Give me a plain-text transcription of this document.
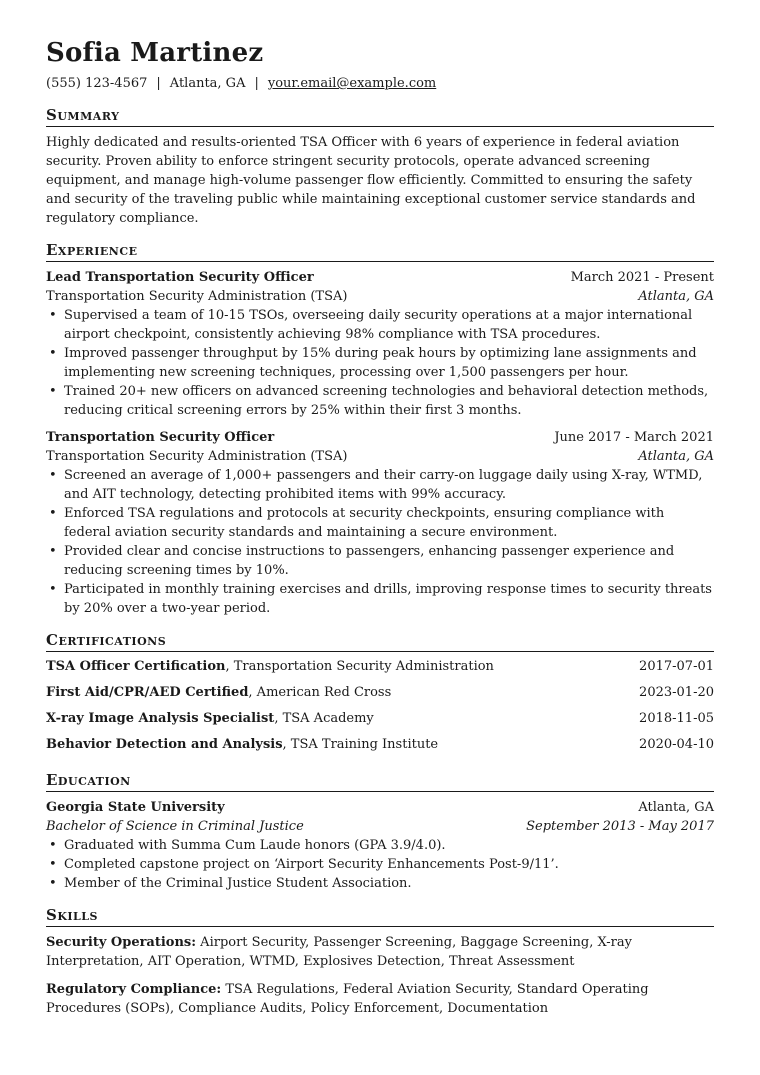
Sofia Martinez
(555) 123-4567 | Atlanta, GA | your.email@example.com
Summary

Highly dedicated and results-oriented TSA Officer with 6 years of experience in federal aviation security. Proven ability to enforce stringent security protocols, operate advanced screening equipment, and manage high-volume passenger flow efficiently. Committed to ensuring the safety and security of the traveling public while maintaining exceptional customer service standards and regulatory compliance.

Experience
Lead Transportation Security Officer	March 2021 - Present
Transportation Security Administration (TSA)	Atlanta, GA
• Supervised a team of 10-15 TSOs, overseeing daily security operations at a major international airport checkpoint, consistently achieving 98% compliance with TSA procedures.
• Improved passenger throughput by 15% during peak hours by optimizing lane assignments and implementing new screening techniques, processing over 1,500 passengers per hour.
• Trained 20+ new officers on advanced screening technologies and behavioral detection methods, reducing critical screening errors by 25% within their first 3 months.
Transportation Security Officer	June 2017 - March 2021
Transportation Security Administration (TSA)	Atlanta, GA
• Screened an average of 1,000+ passengers and their carry-on luggage daily using X-ray, WTMD, and AIT technology, detecting prohibited items with 99% accuracy.
• Enforced TSA regulations and protocols at security checkpoints, ensuring compliance with federal aviation security standards and maintaining a secure environment.
• Provided clear and concise instructions to passengers, enhancing passenger experience and reducing screening times by 10%.
• Participated in monthly training exercises and drills, improving response times to security threats by 20% over a two-year period.
Certifications
TSA Officer Certification, Transportation Security Administration	2017-07-01
First Aid/CPR/AED Certified, American Red Cross	2023-01-20
X-ray Image Analysis Specialist, TSA Academy	2018-11-05
Behavior Detection and Analysis, TSA Training Institute	2020-04-10
Education
Georgia State University	Atlanta, GA
Bachelor of Science in Criminal Justice	September 2013 - May 2017
• Graduated with Summa Cum Laude honors (GPA 3.9/4.0).
• Completed capstone project on ‘Airport Security Enhancements Post-9/11’.
• Member of the Criminal Justice Student Association.
Skills
Security Operations: Airport Security, Passenger Screening, Baggage Screening, X-ray Interpretation, AIT Operation, WTMD, Explosives Detection, Threat Assessment
Regulatory Compliance: TSA Regulations, Federal Aviation Security, Standard Operating Procedures (SOPs), Compliance Audits, Policy Enforcement, Documentation
